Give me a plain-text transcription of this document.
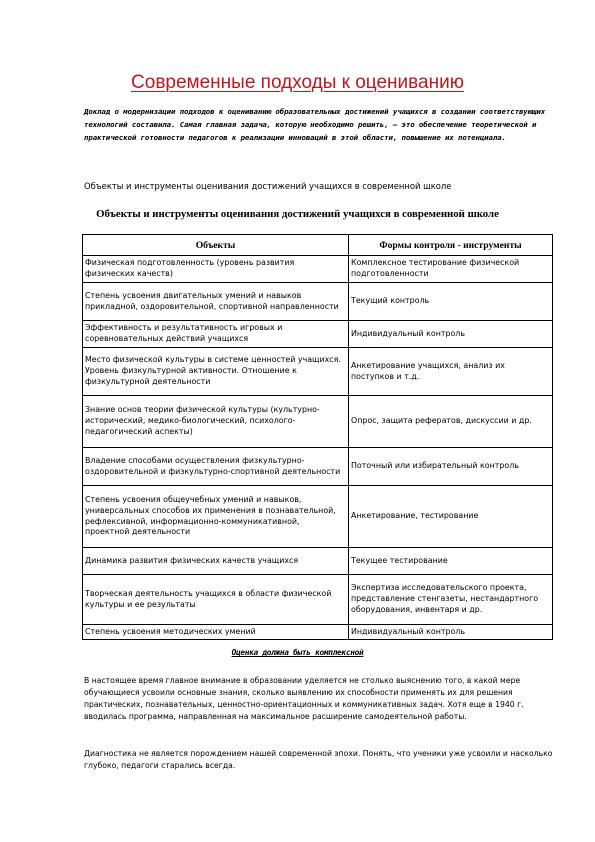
Современные подходы к оцениванию
Доклад о модернизации подходов к оцениванию образовательных достижений учащихся в создании соответствующих технологий составила. Самая главная задача, которую необходимо решить, – это обеспечение теоретической и практической готовности педагогов к реализации инноваций в этой области, повышение их потенциала.
Объекты и инструменты оценивания достижений учащихся в современной школе
Объекты и инструменты оценивания достижений учащихся в современной школе
Объекты	Формы контроля - инструменты
Физическая подготовленность (уровень развития физических качеств)	Комплексное тестирование физической подготовленности
Степень усвоения двигательных умений и навыков прикладной, оздоровительной, спортивной направленности	Текущий контроль
Эффективность и результативность игровых и соревновательных действий учащихся	Индивидуальный контроль
Место физической культуры в системе ценностей учащихся. Уровень физкультурной активности. Отношение к физкультурной деятельности	Анкетирование учащихся, анализ их поступков и т.д.
Знание основ теории физической культуры (культурно-исторический, медико-биологический, психолого-педагогический аспекты)	Опрос, защита рефератов, дискуссии и др.
Владение способами осуществления физкультурно-оздоровительной и физкультурно-спортивной деятельности	Поточный или избирательный контроль
Степень усвоения общеучебных умений и навыков, универсальных способов их применения в познавательной, рефлексивной, информационно-коммуникативной, проектной деятельности	Анкетирование, тестирование
Динамика развития физических качеств учащихся	Текущее тестирование
Творческая деятельность учащихся в области физической культуры и ее результаты	Экспертиза исследовательского проекта, представление стенгазеты, нестандартного оборудования, инвентаря и др.
Степень усвоения методических умений	Индивидуальный контроль
Оценка должна быть комплексной
В настоящее время главное внимание в образовании уделяется не столько выяснению того, в какой мере обучающиеся усвоили основные знания, сколько выявлению их способности применять их для решения практических, познавательных, ценностно-ориентационных и коммуникативных задач. Хотя еще в 1940 г. вводилась программа, направленная на максимальное расширение самодеятельной работы.
Диагностика не является порождением нашей современной эпохи. Понять, что ученики уже усвоили и насколько глубоко, педагоги старались всегда.
